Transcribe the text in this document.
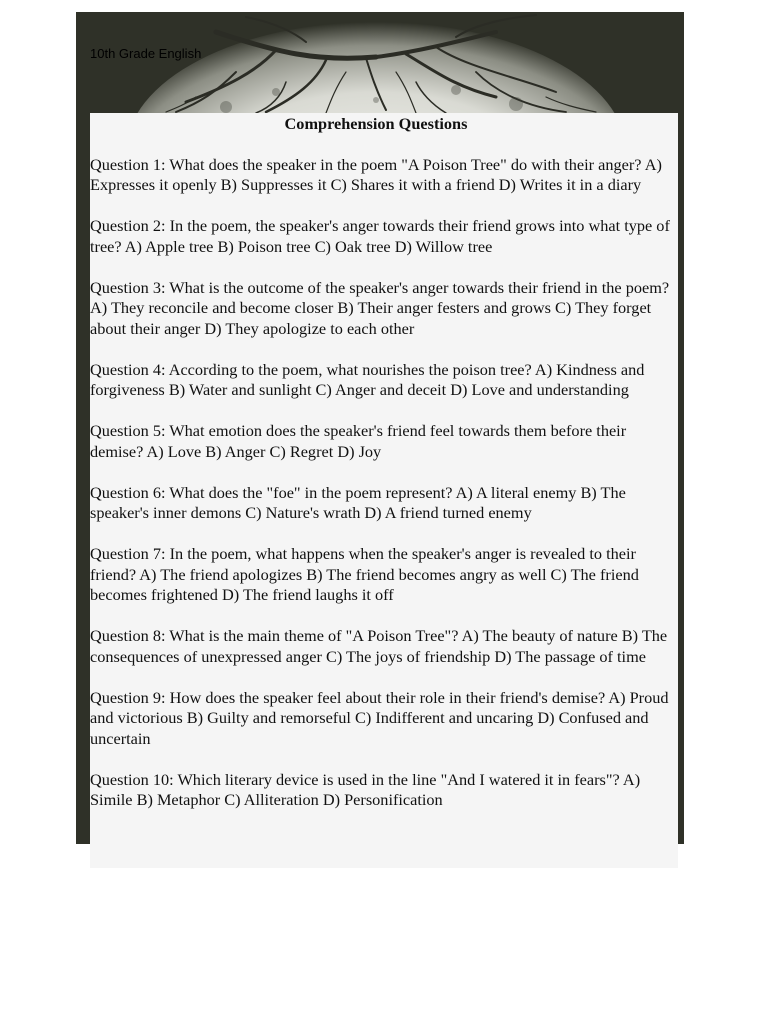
10th Grade English
Comprehension Questions

Question 1: What does the speaker in the poem "A Poison Tree" do with their anger? A) Expresses it openly B) Suppresses it C) Shares it with a friend D) Writes it in a diary

Question 2: In the poem, the speaker's anger towards their friend grows into what type of tree? A) Apple tree B) Poison tree C) Oak tree D) Willow tree

Question 3: What is the outcome of the speaker's anger towards their friend in the poem? A) They reconcile and become closer B) Their anger festers and grows C) They forget about their anger D) They apologize to each other

Question 4: According to the poem, what nourishes the poison tree? A) Kindness and forgiveness B) Water and sunlight C) Anger and deceit D) Love and understanding

Question 5: What emotion does the speaker's friend feel towards them before their demise? A) Love B) Anger C) Regret D) Joy

Question 6: What does the "foe" in the poem represent? A) A literal enemy B) The speaker's inner demons C) Nature's wrath D) A friend turned enemy

Question 7: In the poem, what happens when the speaker's anger is revealed to their friend? A) The friend apologizes B) The friend becomes angry as well C) The friend becomes frightened D) The friend laughs it off

Question 8: What is the main theme of "A Poison Tree"? A) The beauty of nature B) The consequences of unexpressed anger C) The joys of friendship D) The passage of time

Question 9: How does the speaker feel about their role in their friend's demise? A) Proud and victorious B) Guilty and remorseful C) Indifferent and uncaring D) Confused and uncertain

Question 10: Which literary device is used in the line "And I watered it in fears"? A) Simile B) Metaphor C) Alliteration D) Personification
